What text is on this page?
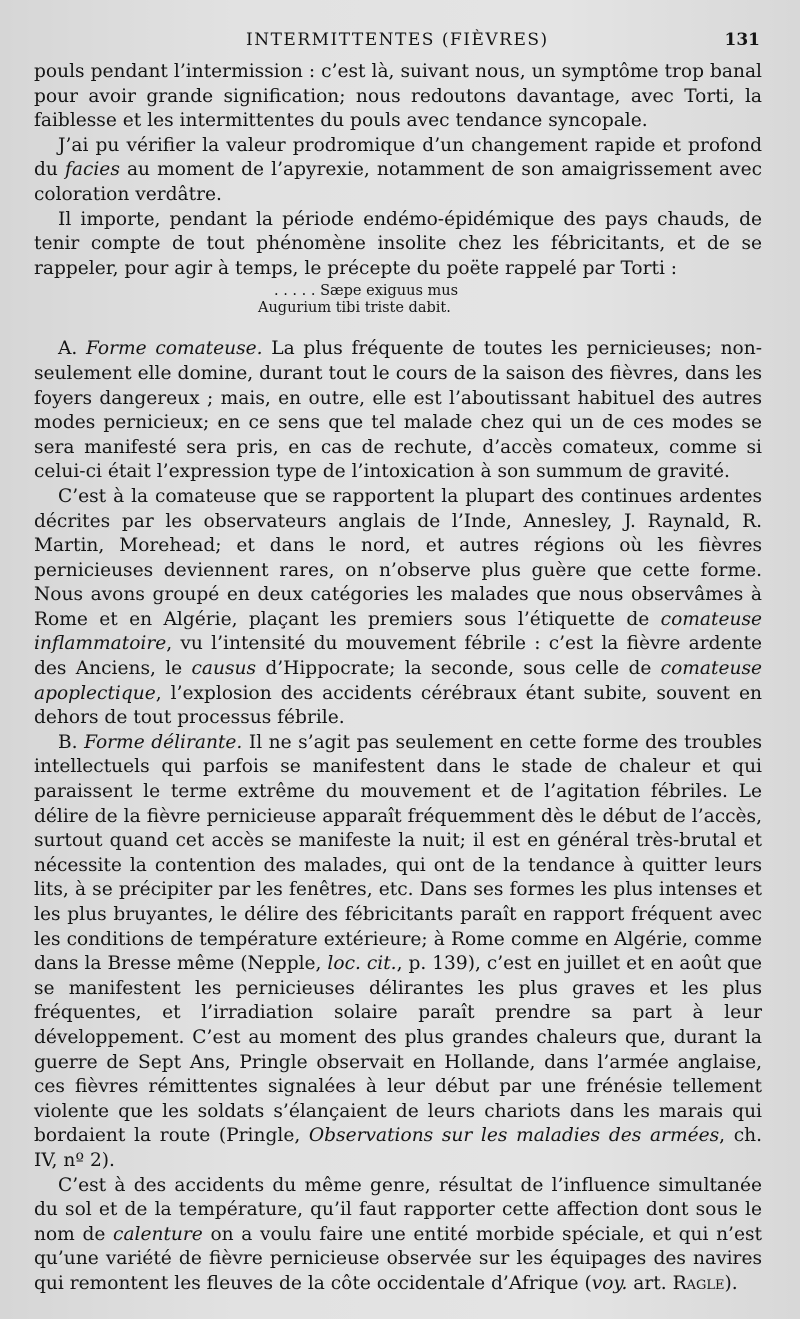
INTERMITTENTES (FIÈVRES)	131

pouls pendant l’intermission : c’est là, suivant nous, un symptôme trop banal pour avoir grande signification; nous redoutons davantage, avec Torti, la faiblesse et les intermittentes du pouls avec tendance syncopale.

J’ai pu vérifier la valeur prodromique d’un changement rapide et profond du facies au moment de l’apyrexie, notamment de son amaigrissement avec coloration verdâtre.

Il importe, pendant la période endémo-épidémique des pays chauds, de tenir compte de tout phénomène insolite chez les fébricitants, et de se rappeler, pour agir à temps, le précepte du poëte rappelé par Torti :

. . . . . Sæpe exiguus mus
Augurium tibi triste dabit.

A. Forme comateuse. La plus fréquente de toutes les pernicieuses; non-seulement elle domine, durant tout le cours de la saison des fièvres, dans les foyers dangereux ; mais, en outre, elle est l’aboutissant habituel des autres modes pernicieux; en ce sens que tel malade chez qui un de ces modes se sera manifesté sera pris, en cas de rechute, d’accès comateux, comme si celui-ci était l’expression type de l’intoxication à son summum de gravité.

C’est à la comateuse que se rapportent la plupart des continues ardentes décrites par les observateurs anglais de l’Inde, Annesley, J. Raynald, R. Martin, Morehead; et dans le nord, et autres régions où les fièvres pernicieuses deviennent rares, on n’observe plus guère que cette forme. Nous avons groupé en deux catégories les malades que nous observâmes à Rome et en Algérie, plaçant les premiers sous l’étiquette de comateuse inflammatoire, vu l’intensité du mouvement fébrile : c’est la fièvre ardente des Anciens, le causus d’Hippocrate; la seconde, sous celle de comateuse apoplectique, l’explosion des accidents cérébraux étant subite, souvent en dehors de tout processus fébrile.

B. Forme délirante. Il ne s’agit pas seulement en cette forme des troubles intellectuels qui parfois se manifestent dans le stade de chaleur et qui paraissent le terme extrême du mouvement et de l’agitation fébriles. Le délire de la fièvre pernicieuse apparaît fréquemment dès le début de l’accès, surtout quand cet accès se manifeste la nuit; il est en général très-brutal et nécessite la contention des malades, qui ont de la tendance à quitter leurs lits, à se précipiter par les fenêtres, etc. Dans ses formes les plus intenses et les plus bruyantes, le délire des fébricitants paraît en rapport fréquent avec les conditions de température extérieure; à Rome comme en Algérie, comme dans la Bresse même (Nepple, loc. cit., p. 139), c’est en juillet et en août que se manifestent les pernicieuses délirantes les plus graves et les plus fréquentes, et l’irradiation solaire paraît prendre sa part à leur développement. C’est au moment des plus grandes chaleurs que, durant la guerre de Sept Ans, Pringle observait en Hollande, dans l’armée anglaise, ces fièvres rémittentes signalées à leur début par une frénésie tellement violente que les soldats s’élançaient de leurs chariots dans les marais qui bordaient la route (Pringle, Observations sur les maladies des armées, ch. IV, nº 2).

C’est à des accidents du même genre, résultat de l’influence simultanée du sol et de la température, qu’il faut rapporter cette affection dont sous le nom de calenture on a voulu faire une entité morbide spéciale, et qui n’est qu’une variété de fièvre pernicieuse observée sur les équipages des navires qui remontent les fleuves de la côte occidentale d’Afrique (voy. art. Ragle).
